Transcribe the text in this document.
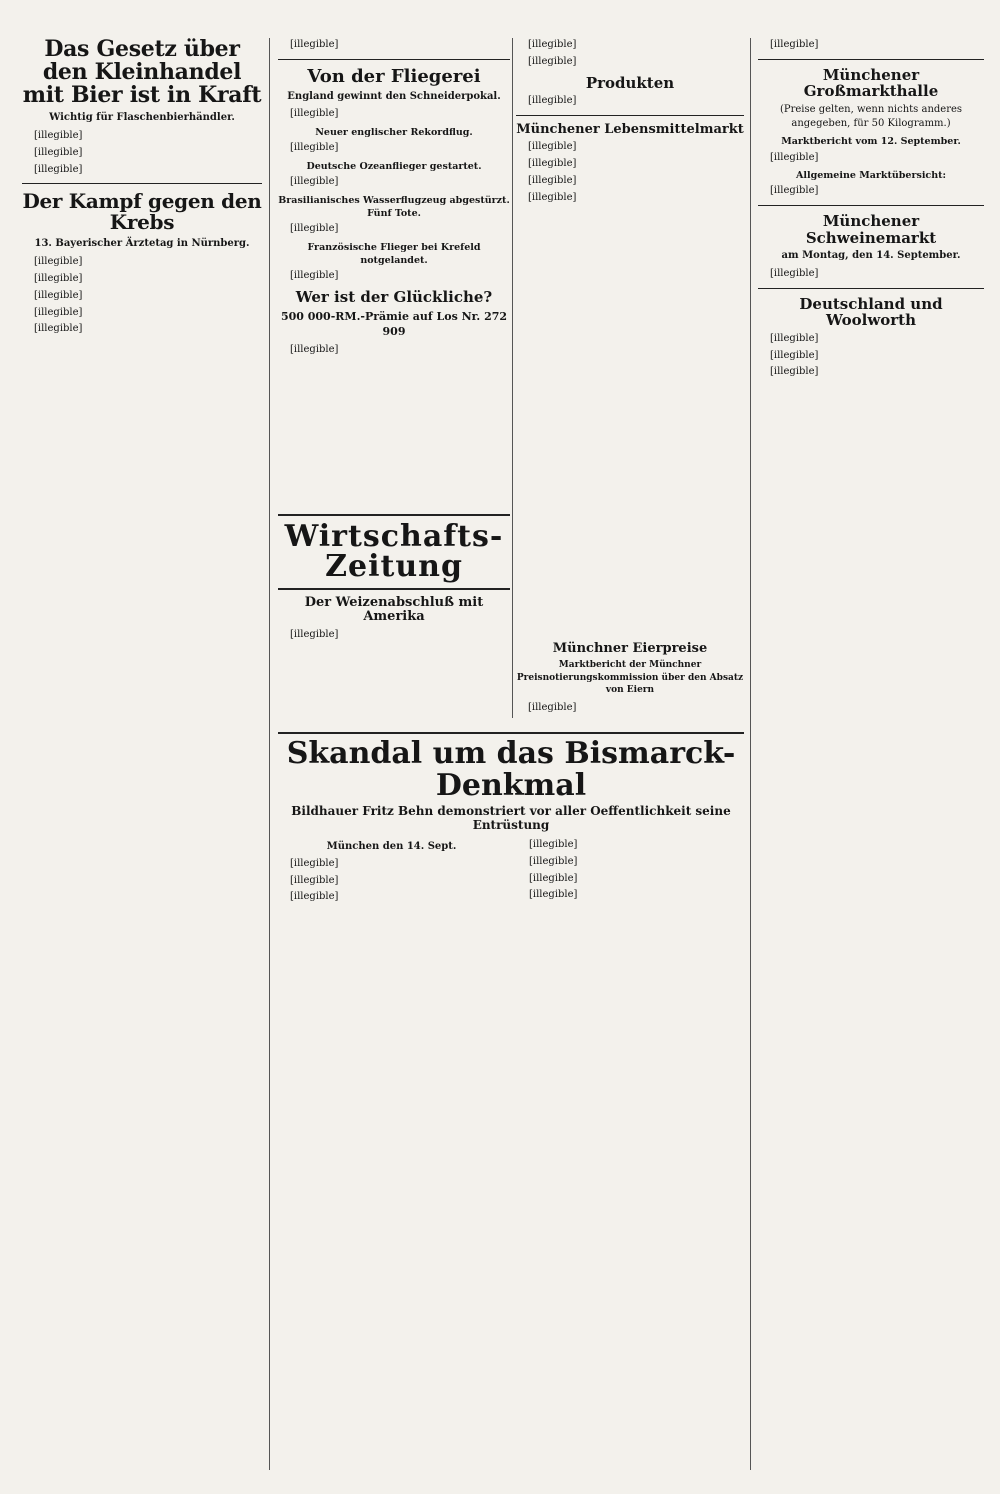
Das Gesetz über den Kleinhandel mit Bier ist in Kraft
Wichtig für Flaschenbierhändler.

[illegible]

[illegible]

[illegible]

Der Kampf gegen den Krebs
13. Bayerischer Ärztetag in Nürnberg.

[illegible]

[illegible]

[illegible]

[illegible]

[illegible]

[illegible]

Von der Fliegerei
England gewinnt den Schneiderpokal.

[illegible]

Neuer englischer Rekordflug.

[illegible]

Deutsche Ozeanflieger gestartet.

[illegible]

Brasilianisches Wasserflugzeug abgestürzt. Fünf Tote.

[illegible]

Französische Flieger bei Krefeld notgelandet.

[illegible]

Wer ist der Glückliche?
500 000-RM.-Prämie auf Los Nr. 272 909

[illegible]

[illegible]

[illegible]

Produkten

[illegible]

Münchener Lebensmittelmarkt

[illegible]

[illegible]

[illegible]

[illegible]

Wirtschafts-Zeitung
Der Weizenabschluß mit Amerika

[illegible]

Münchner Eierpreise
Marktbericht der Münchner Preisnotierungskommission über den Absatz von Eiern

[illegible]

[illegible]

Münchener Großmarkthalle
(Preise gelten, wenn nichts anderes angegeben, für 50 Kilogramm.)
Marktbericht vom 12. September.

[illegible]

Allgemeine Marktübersicht:

[illegible]

Münchener Schweinemarkt
am Montag, den 14. September.

[illegible]

Deutschland und Woolworth

[illegible]

[illegible]

[illegible]

Skandal um das Bismarck-Denkmal
Bildhauer Fritz Behn demonstriert vor aller Oeffentlichkeit seine Entrüstung
München den 14. Sept.

[illegible]

[illegible]

[illegible]

[illegible]

[illegible]

[illegible]

[illegible]
